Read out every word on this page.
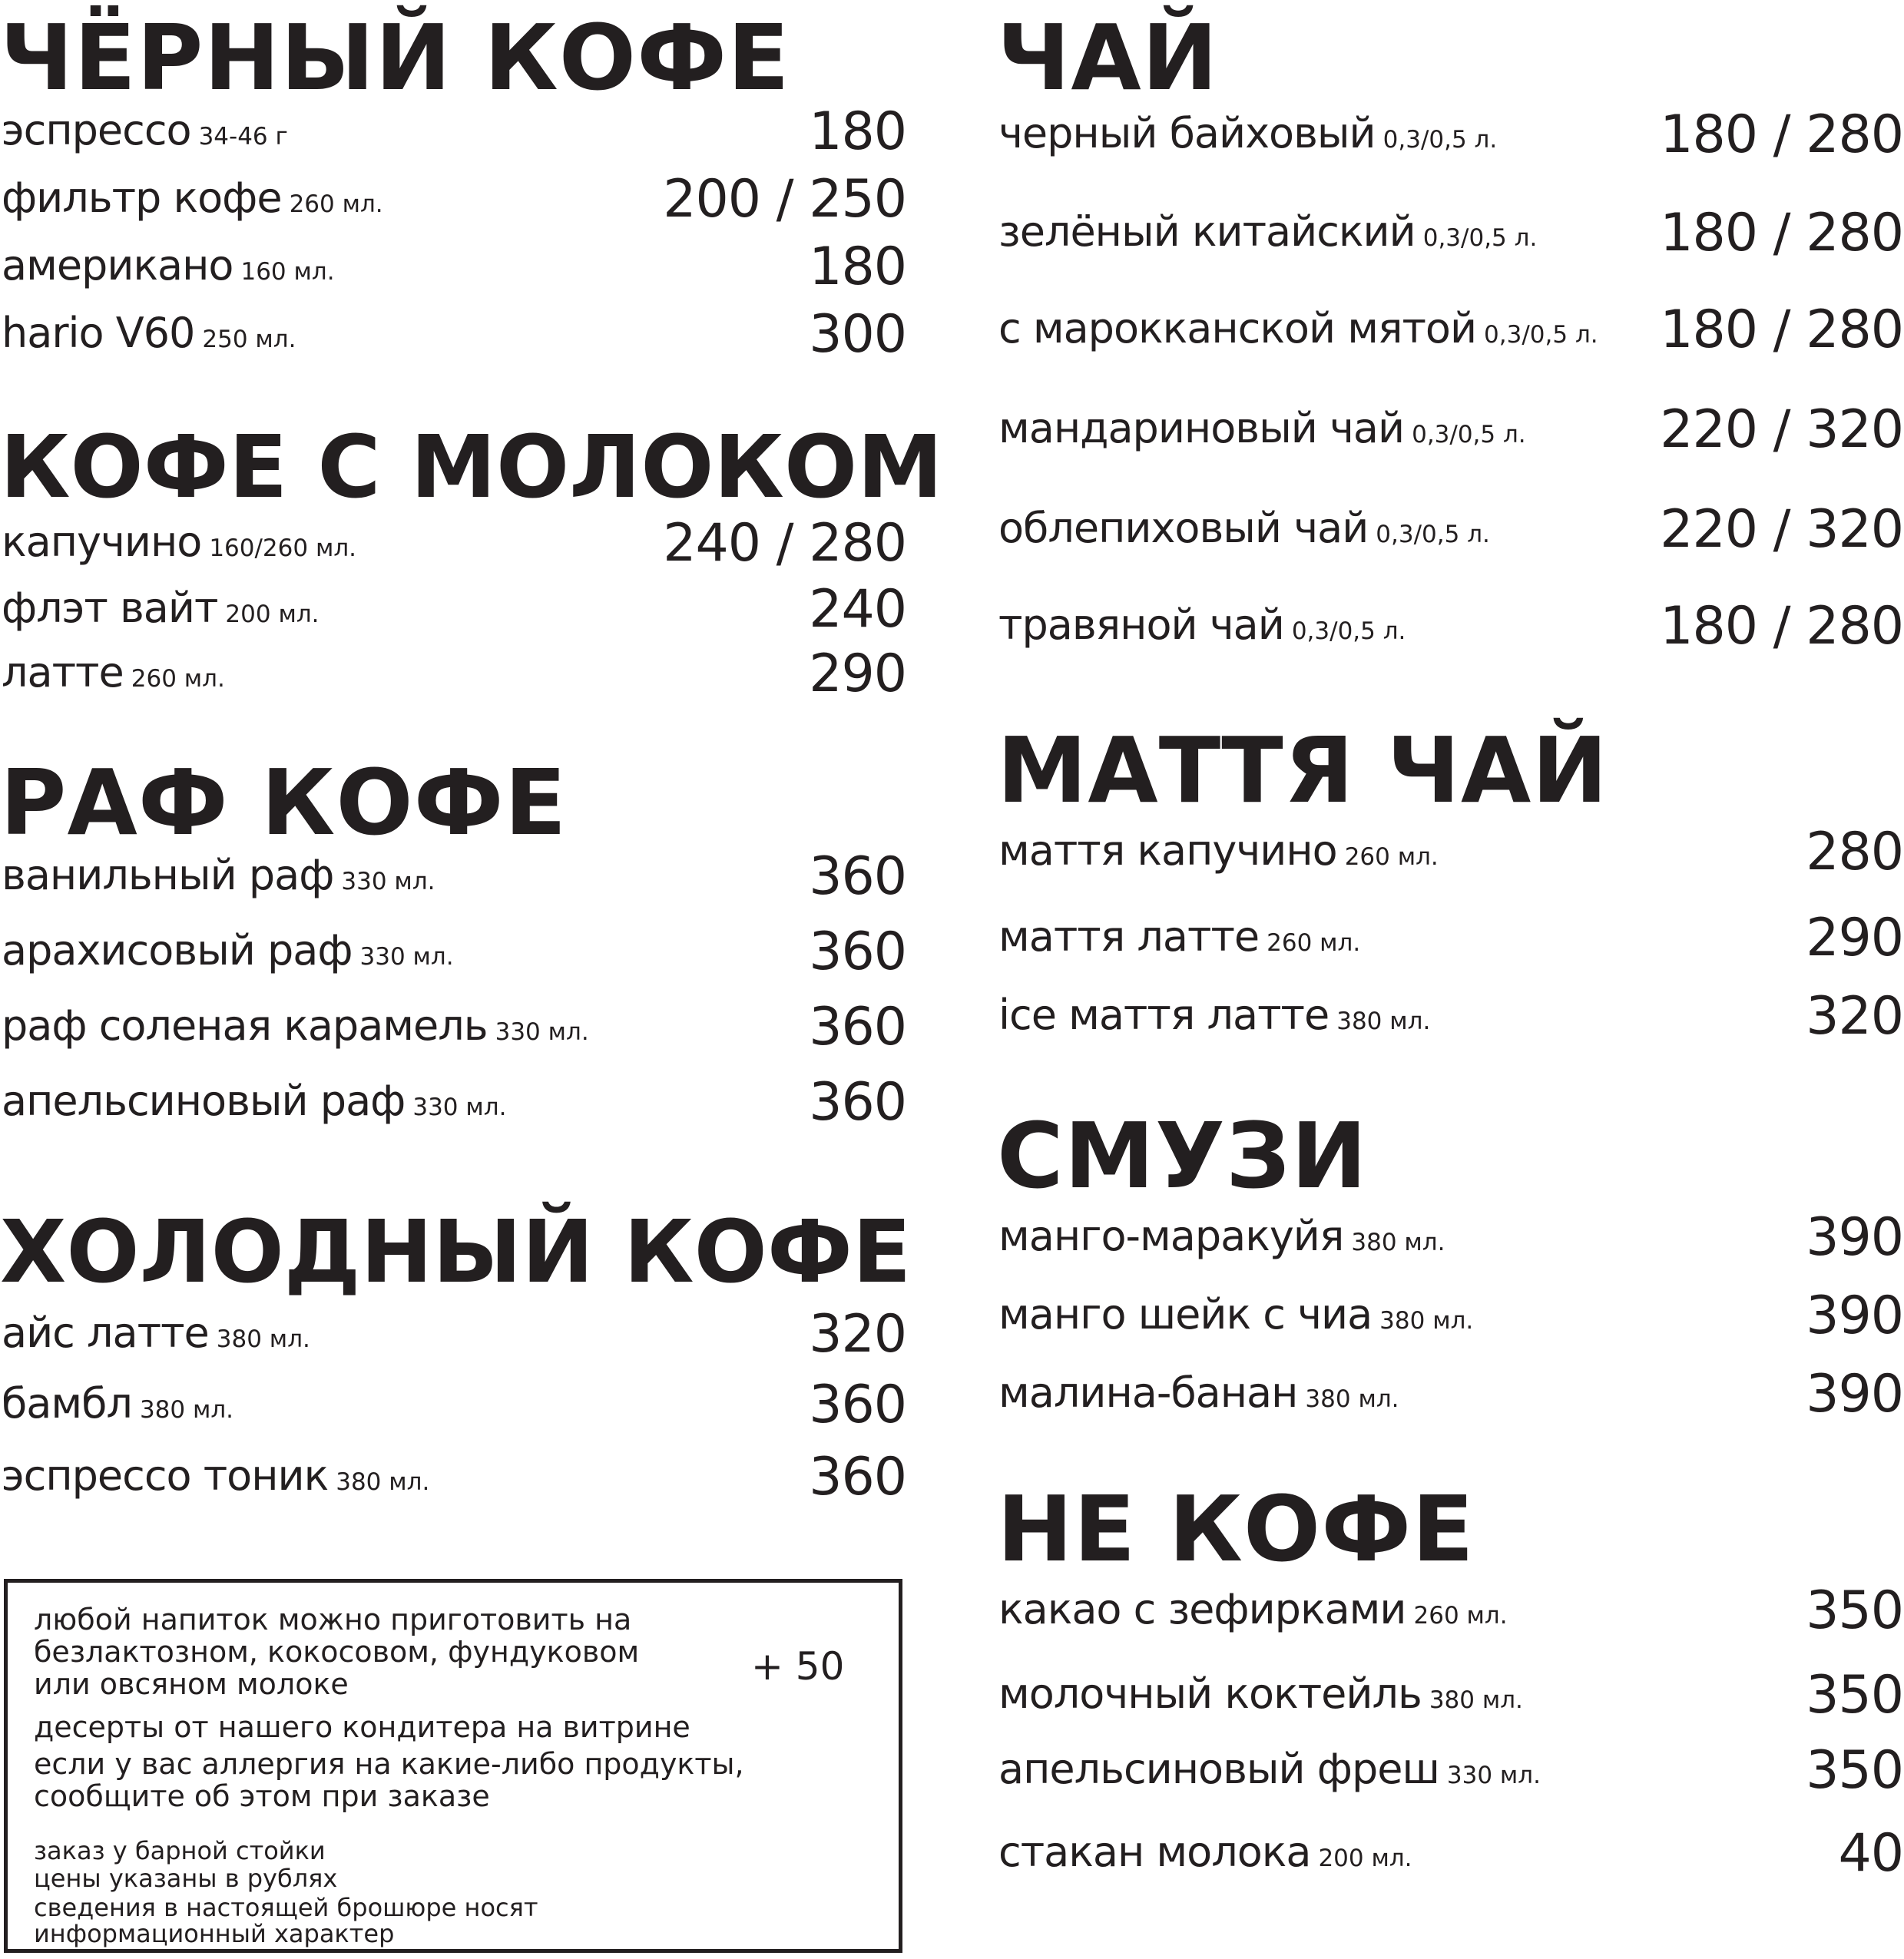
ЧЁРНЫЙ КОФЕ
эспрессо 34-46 г	180
фильтр кофе 260 мл.	200 / 250
американо 160 мл.	180
hario V60 250 мл.	300
КОФЕ С МОЛОКОМ
капучино 160/260 мл.	240 / 280
флэт вайт 200 мл.	240
латте 260 мл.	290
РАФ КОФЕ
ванильный раф 330 мл.	360
арахисовый раф 330 мл.	360
раф соленая карамель 330 мл.	360
апельсиновый раф 330 мл.	360
ХОЛОДНЫЙ КОФЕ
айс латте 380 мл.	320
бамбл 380 мл.	360
эспрессо тоник 380 мл.	360
любой напиток можно приготовить на
безлактозном, кокосовом, фундуковом
или овсяном молоке	+ 50
десерты от нашего кондитера на витрине
если у вас аллергия на какие-либо продукты,
сообщите об этом при заказе
заказ у барной стойки
цены указаны в рублях
сведения в настоящей брошюре носят
информационный характер
ЧАЙ
черный байховый 0,3/0,5 л.	180 / 280
зелёный китайский 0,3/0,5 л. 180 / 280
с марокканской мятой 0,3/0,5 л. 180 / 280
мандариновый чай 0,3/0,5 л.	220 / 320
облепиховый чай 0,3/0,5 л.	220 / 320
травяной чай 0,3/0,5 л.	180 / 280
МАТТЯ ЧАЙ
маття капучино 260 мл.	280
маття латте 260 мл.	290
ice маття латте 380 мл.	320
СМУЗИ
манго-маракуйя 380 мл.	390
манго шейк с чиа 380 мл.	390
малина-банан 380 мл.	390
НЕ КОФЕ
какао с зефирками 260 мл.	350
молочный коктейль 380 мл.	350
апельсиновый фреш 330 мл.	350
стакан молока 200 мл.	40
